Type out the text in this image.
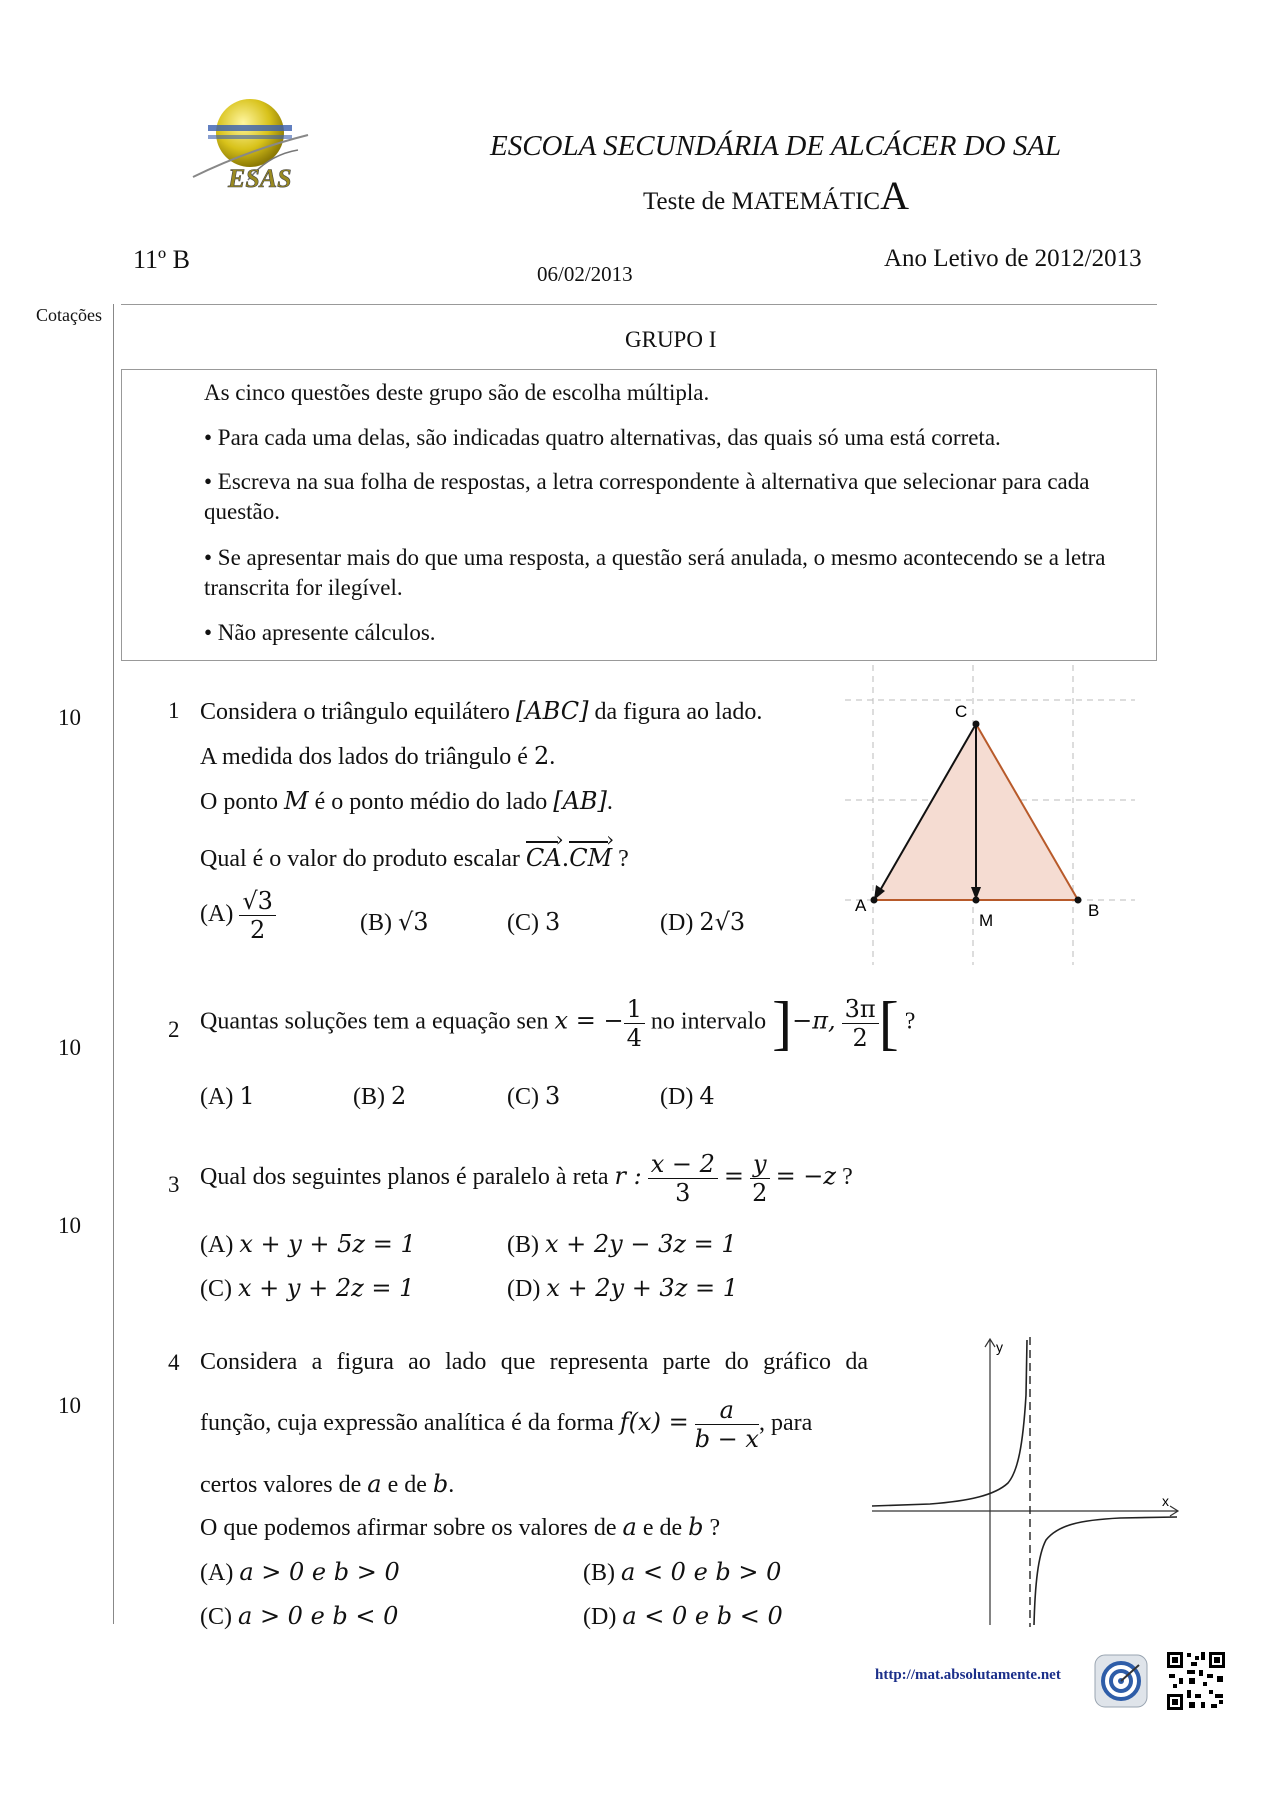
ESAS
ESCOLA SECUNDÁRIA DE ALCÁCER DO SAL
Teste de MATEMÁTICA
11º B	06/02/2013
Ano Letivo de 2012/2013
Cotações
GRUPO I

As cinco questões deste grupo são de escolha múltipla.

• Para cada uma delas, são indicadas quatro alternativas, das quais só uma está correta.

• Escreva na sua folha de respostas, a letra correspondente à alternativa que selecionar para cada questão.

• Se apresentar mais do que uma resposta, a questão será anulada, o mesmo acontecendo se a letra transcrita for ilegível.

• Não apresente cálculos.

10	1 Considera o triângulo equilátero [ABC] da figura ao lado.
A medida dos lados do triângulo é 2.
O ponto M é o ponto médio do lado [AB].
Qual é o valor do produto escalar CA ›.CM › ?
$(A) \frac{√3}{2}$	(B) √3	(C) 3	(D) 2√3
C
A
M
B
10
2 Quantas soluções tem a equação sen x = − $\frac{1}{4}$ no intervalo ]−π, $\frac{3\pi}{2}$ [ ?
(A) 1	(B) 2	(C) 3	(D) 4
10
3 Qual dos seguintes planos é paralelo à reta r : $\frac{x - 2}{3} = \frac{y}{2} = -z$ ?
(A) x + y + 5z = 1	(B) x + 2y − 3z = 1
(C) x + y + 2z = 1	(D) x + 2y + 3z = 1
10
4 Considera a figura ao lado que representa parte do gráfico da
função, cuja expressão analítica é da forma $f(x) = \frac{a}{b - x}$ , para
certos valores de a e de b.
O que podemos afirmar sobre os valores de a e de b ?
(A) a > 0 e b > 0	(B) a < 0 e b > 0
(C) a > 0 e b < 0	(D) a < 0 e b < 0
y
x
http://mat.absolutamente.net
